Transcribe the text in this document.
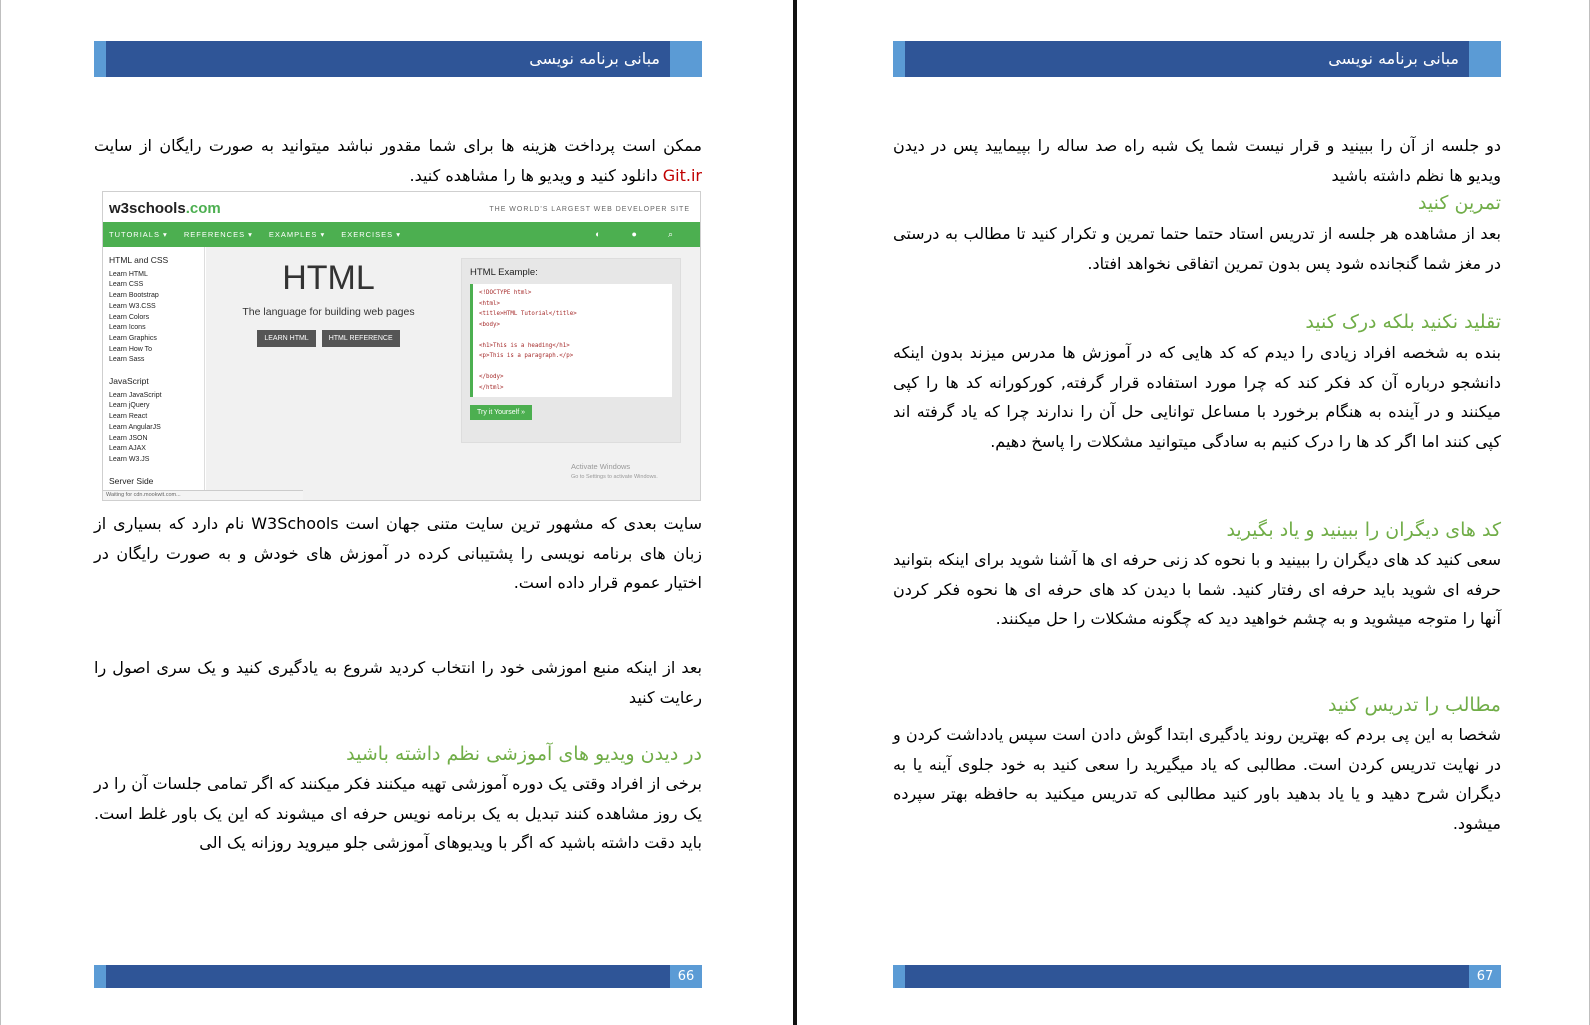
مبانی برنامه نویسی
ممکن است پرداخت هزینه ها برای شما مقدور نباشد میتوانید به صورت رایگان از سایت Git.ir دانلود کنید و ویدیو ها را مشاهده کنید.
w3schools.com	THE WORLD'S LARGEST WEB DEVELOPER SITE
TUTORIALS ▾ REFERENCES ▾ EXAMPLES ▾ EXERCISES ▾	◐	●	⌕
HTML and CSS
Learn HTML
Learn CSS
Learn Bootstrap
Learn W3.CSS
Learn Colors
Learn Icons
Learn Graphics
Learn How To
Learn Sass
JavaScript
Learn JavaScript
Learn jQuery
Learn React
Learn AngularJS
Learn JSON
Learn AJAX
Learn W3.JS
Server Side
HTML
The language for building web pages
LEARN HTML	HTML REFERENCE
HTML Example:
<!DOCTYPE html>
<html>
<title>HTML Tutorial</title>
<body>

<h1>This is a heading</h1>
<p>This is a paragraph.</p>

</body>
</html>
Try it Yourself »
Activate Windows
Go to Settings to activate Windows.
Waiting for cdn.mookwit.com...
سایت بعدی که مشهور ترین سایت متنی جهان است W3Schools نام دارد که بسیاری از زبان های برنامه نویسی را پشتیبانی کرده در آموزش های خودش و به صورت رایگان در اختیار عموم قرار داده است.
بعد از اینکه منبع اموزشی خود را انتخاب کردید شروع به یادگیری کنید و یک سری اصول را رعایت کنید
در دیدن ویدیو های آموزشی نظم داشته باشید
برخی از افراد وقتی یک دوره آموزشی تهیه میکنند فکر میکنند که اگر تمامی جلسات آن را در یک روز مشاهده کنند تبدیل به یک برنامه نویس حرفه ای میشوند که این یک باور غلط است. باید دقت داشته باشید که اگر با ویدیوهای آموزشی جلو میروید روزانه یک الی
66
مبانی برنامه نویسی
دو جلسه از آن را ببینید و قرار نیست شما یک شبه راه صد ساله را بپیمایید پس در دیدن ویدیو ها نظم داشته باشید
تمرین کنید
بعد از مشاهده هر جلسه از تدریس استاد حتما حتما تمرین و تکرار کنید تا مطالب به درستی در مغز شما گنجانده شود پس بدون تمرین اتفاقی نخواهد افتاد.
تقلید نکنید بلکه درک کنید
بنده به شخصه افراد زیادی را دیدم که کد هایی که در آموزش ها مدرس میزند بدون اینکه دانشجو درباره آن کد فکر کند که چرا مورد استفاده قرار گرفته, کورکورانه کد ها را کپی میکنند و در آینده به هنگام برخورد با مساعل توانایی حل آن را ندارند چرا که یاد گرفته اند کپی کنند اما اگر کد ها را درک کنیم به سادگی میتوانید مشکلات را پاسخ دهیم.
کد های دیگران را ببینید و یاد بگیرید
سعی کنید کد های دیگران را ببینید و با نحوه کد زنی حرفه ای ها آشنا شوید برای اینکه بتوانید حرفه ای شوید باید حرفه ای رفتار کنید. شما با دیدن کد های حرفه ای ها نحوه فکر کردن آنها را متوجه میشوید و به چشم خواهید دید که چگونه مشکلات را حل میکنند.
مطالب را تدریس کنید
شخصا به این پی بردم که بهترین روند یادگیری ابتدا گوش دادن است سپس یادداشت کردن و در نهایت تدریس کردن است. مطالبی که یاد میگیرید را سعی کنید به خود جلوی آینه یا به دیگران شرح دهید و یا یاد بدهید باور کنید مطالبی که تدریس میکنید به حافظه بهتر سپرده میشود.
67
